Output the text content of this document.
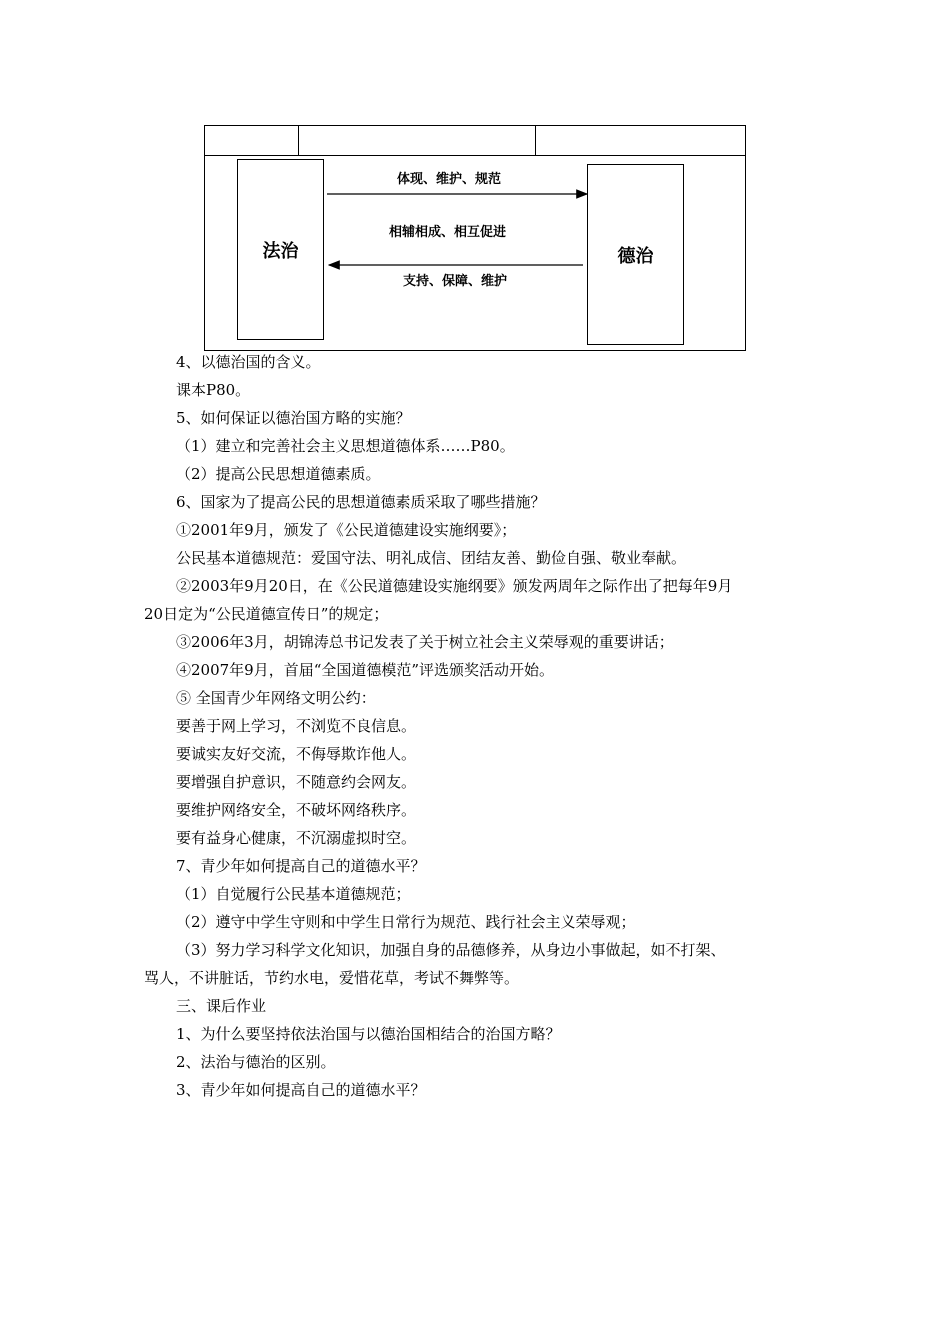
法治	德治
体现、维护、规范
相辅相成、相互促进
支持、保障、维护
4、以德治国的含义。
课本P80。
5、如何保证以德治国方略的实施？
（1）建立和完善社会主义思想道德体系……P80。
（2）提高公民思想道德素质。
6、国家为了提高公民的思想道德素质采取了哪些措施？
①2001年9月，颁发了《公民道德建设实施纲要》；
公民基本道德规范：爱国守法、明礼成信、团结友善、勤俭自强、敬业奉献。
②2003年9月20日，在《公民道德建设实施纲要》颁发两周年之际作出了把每年9月
20日定为“公民道德宣传日”的规定；
③2006年3月，胡锦涛总书记发表了关于树立社会主义荣辱观的重要讲话；
④2007年9月，首届“全国道德模范”评选颁奖活动开始。
⑤ 全国青少年网络文明公约：
要善于网上学习，不浏览不良信息。
要诚实友好交流，不侮辱欺诈他人。
要增强自护意识，不随意约会网友。
要维护网络安全，不破坏网络秩序。
要有益身心健康，不沉溺虚拟时空。
7、青少年如何提高自己的道德水平？
（1）自觉履行公民基本道德规范；
（2）遵守中学生守则和中学生日常行为规范、践行社会主义荣辱观；
（3）努力学习科学文化知识，加强自身的品德修养，从身边小事做起，如不打架、
骂人，不讲脏话，节约水电，爱惜花草，考试不舞弊等。
三、课后作业
1、为什么要坚持依法治国与以德治国相结合的治国方略？
2、法治与德治的区别。
3、青少年如何提高自己的道德水平？
